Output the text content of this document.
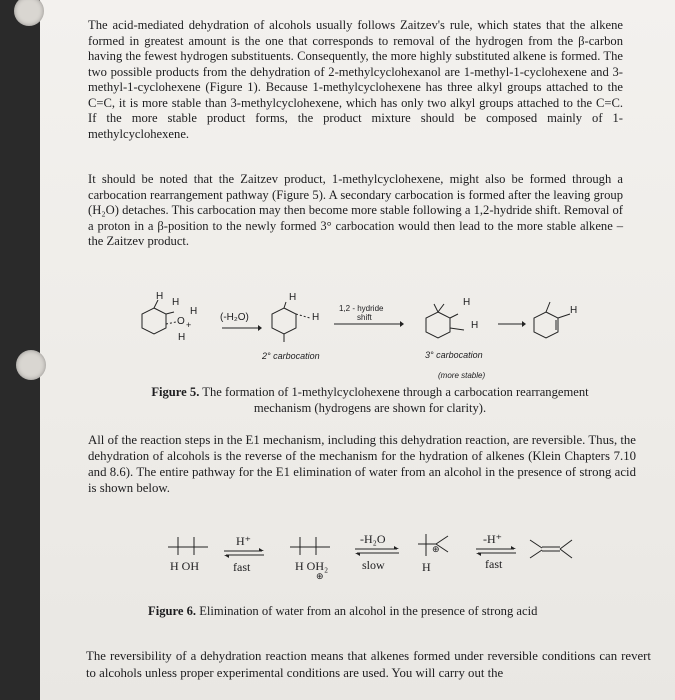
The acid-mediated dehydration of alcohols usually follows Zaitzev's rule, which states that the alkene formed in greatest amount is the one that corresponds to removal of the hydrogen from the β-carbon having the fewest hydrogen substituents. Consequently, the more highly substituted alkene is formed. The two possible products from the dehydration of 2-methylcyclohexanol are 1-methyl-1-cyclohexene and 3-methyl-1-cyclohexene (Figure 1). Because 1-methylcyclohexene has three alkyl groups attached to the C=C, it is more stable than 3-methylcyclohexene, which has only two alkyl groups attached to the C=C. If the more stable product forms, the product mixture should be composed mainly of 1-methylcyclohexene.

It should be noted that the Zaitzev product, 1-methylcyclohexene, might also be formed through a carbocation rearrangement pathway (Figure 5). A secondary carbocation is formed after the leaving group (H₂O) detaches. This carbocation may then become more stable following a 1,2-hydride shift. Removal of a proton in a β-position to the newly formed 3° carbocation would then lead to the more stable alkene – the Zaitzev product.

H
H
O +
H
H
(-H₂O)
H
H
2° carbocation
1,2 - hydride
shift
H
H
3° carbocation
(more stable)
H

Figure 5. The formation of 1-methylcyclohexene through a carbocation rearrangement
mechanism (hydrogens are shown for clarity).

All of the reaction steps in the E1 mechanism, including this dehydration reaction, are reversible. Thus, the dehydration of alcohols is the reverse of the mechanism for the hydration of alkenes (Klein Chapters 7.10 and 8.6). The entire pathway for the E1 elimination of water from an alcohol in the presence of strong acid is shown below.

H OH
H⁺
fast	H OH₂
⊕
-H₂O
slow
⊕
H
-H⁺
fast

Figure 6. Elimination of water from an alcohol in the presence of strong acid

The reversibility of a dehydration reaction means that alkenes formed under reversible conditions can revert to alcohols unless proper experimental conditions are used. You will carry out the
